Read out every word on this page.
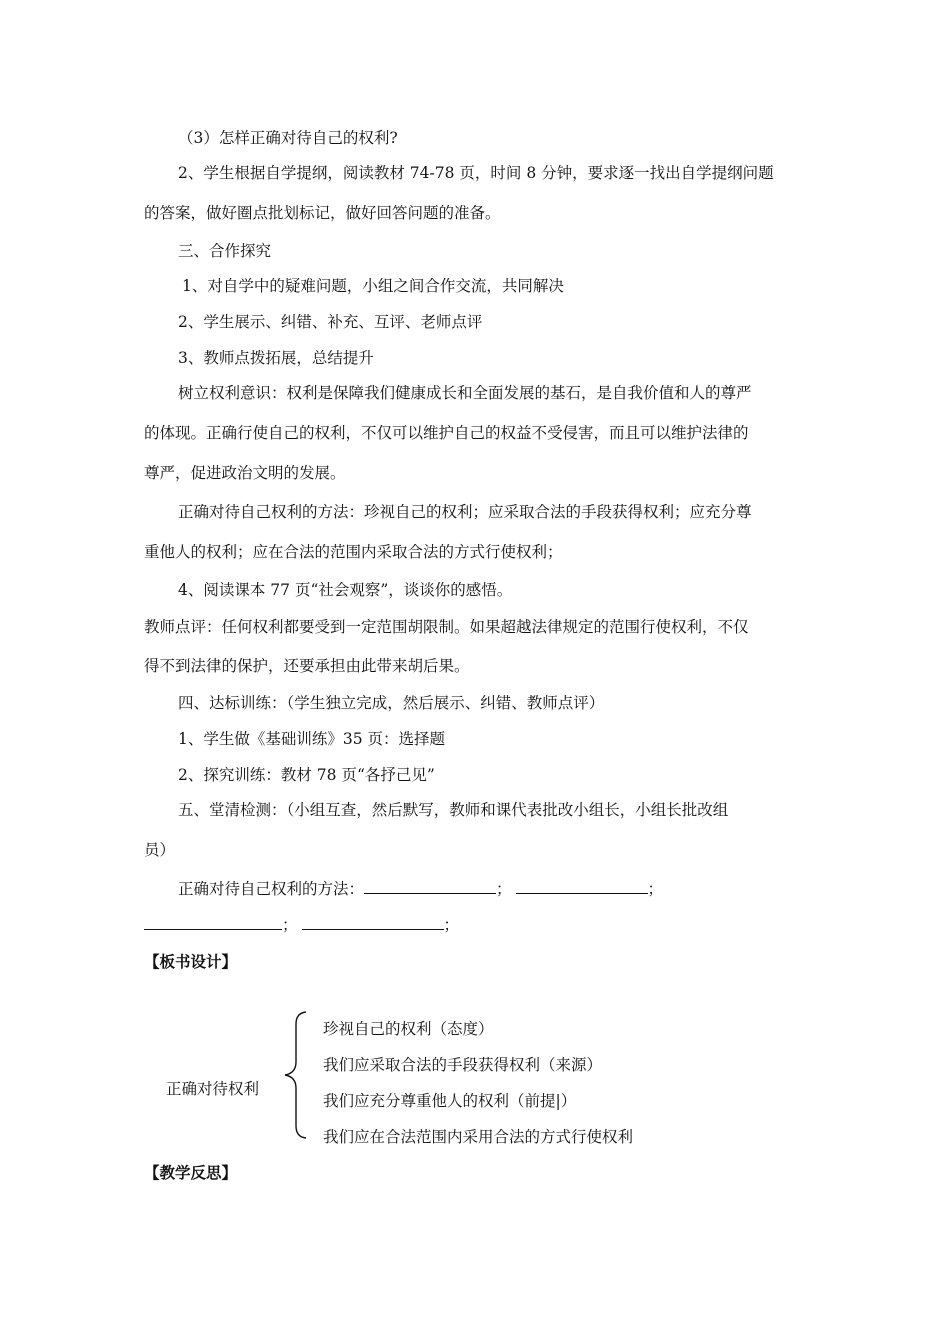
（3）怎样正确对待自己的权利?
2、学生根据自学提纲，阅读教材 74-78 页，时间 8 分钟，要求逐一找出自学提纲问题
的答案，做好圈点批划标记，做好回答问题的准备。
三、合作探究
1、对自学中的疑难问题，小组之间合作交流，共同解决
2、学生展示、纠错、补充、互评、老师点评
3、教师点拨拓展，总结提升
树立权利意识：权利是保障我们健康成长和全面发展的基石，是自我价值和人的尊严
的体现。正确行使自己的权利，不仅可以维护自己的权益不受侵害，而且可以维护法律的
尊严，促进政治文明的发展。
正确对待自己权利的方法：珍视自己的权利；应采取合法的手段获得权利；应充分尊
重他人的权利；应在合法的范围内采取合法的方式行使权利；
4、阅读课本 77 页“社会观察”，谈谈你的感悟。
教师点评：任何权利都要受到一定范围胡限制。如果超越法律规定的范围行使权利，不仅
得不到法律的保护，还要承担由此带来胡后果。
四、达标训练：（学生独立完成，然后展示、纠错、教师点评）
1、学生做《基础训练》35 页：选择题
2、探究训练：教材 78 页“各抒己见”
五、堂清检测：（小组互查，然后默写，教师和课代表批改小组长，小组长批改组
员）
正确对待自己权利的方法：	；	；
；	；
【板书设计】
正确对待权利
珍视自己的权利（态度）
我们应采取合法的手段获得权利（来源）
我们应充分尊重他人的权利（前提|）
我们应在合法范围内采用合法的方式行使权利
【教学反思】
